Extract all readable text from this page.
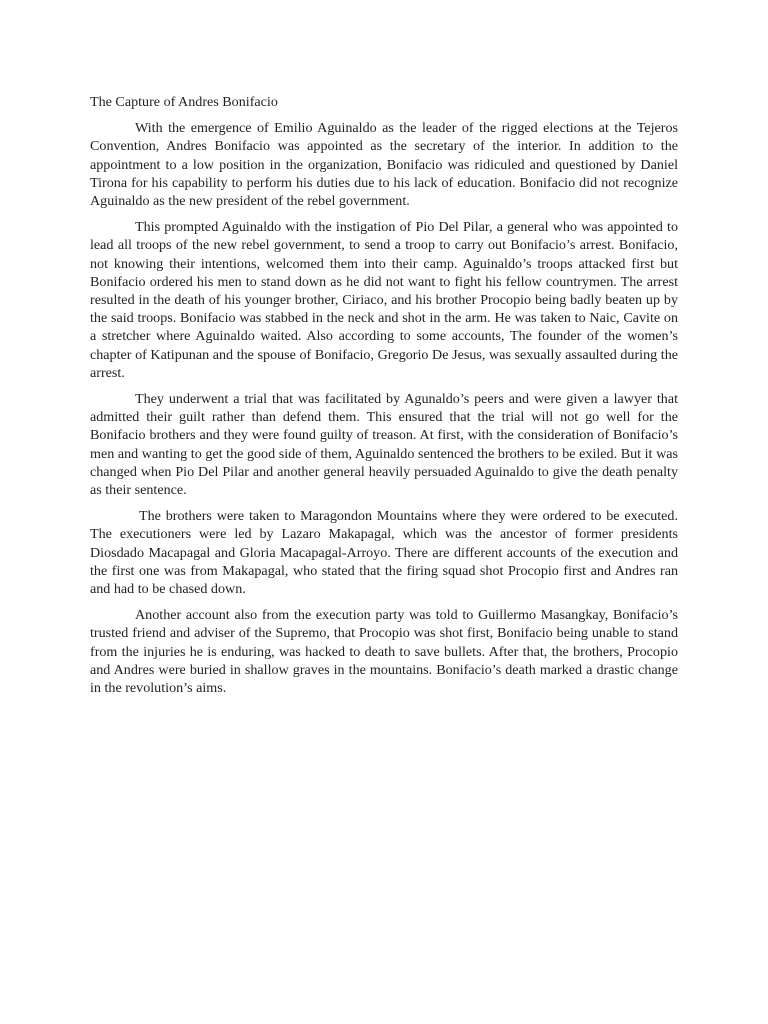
The Capture of Andres Bonifacio

With the emergence of Emilio Aguinaldo as the leader of the rigged elections at the Tejeros Convention, Andres Bonifacio was appointed as the secretary of the interior. In addition to the appointment to a low position in the organization, Bonifacio was ridiculed and questioned by Daniel Tirona for his capability to perform his duties due to his lack of education. Bonifacio did not recognize Aguinaldo as the new president of the rebel government.

This prompted Aguinaldo with the instigation of Pio Del Pilar, a general who was appointed to lead all troops of the new rebel government, to send a troop to carry out Bonifacio’s arrest. Bonifacio, not knowing their intentions, welcomed them into their camp. Aguinaldo’s troops attacked first but Bonifacio ordered his men to stand down as he did not want to fight his fellow countrymen. The arrest resulted in the death of his younger brother, Ciriaco, and his brother Procopio being badly beaten up by the said troops. Bonifacio was stabbed in the neck and shot in the arm. He was taken to Naic, Cavite on a stretcher where Aguinaldo waited. Also according to some accounts, The founder of the women’s chapter of Katipunan and the spouse of Bonifacio, Gregorio De Jesus, was sexually assaulted during the arrest.

They underwent a trial that was facilitated by Agunaldo’s peers and were given a lawyer that admitted their guilt rather than defend them. This ensured that the trial will not go well for the Bonifacio brothers and they were found guilty of treason. At first, with the consideration of Bonifacio’s men and wanting to get the good side of them, Aguinaldo sentenced the brothers to be exiled. But it was changed when Pio Del Pilar and another general heavily persuaded Aguinaldo to give the death penalty as their sentence.

The brothers were taken to Maragondon Mountains where they were ordered to be executed. The executioners were led by Lazaro Makapagal, which was the ancestor of former presidents Diosdado Macapagal and Gloria Macapagal-Arroyo. There are different accounts of the execution and the first one was from Makapagal, who stated that the firing squad shot Procopio first and Andres ran and had to be chased down.

Another account also from the execution party was told to Guillermo Masangkay, Bonifacio’s trusted friend and adviser of the Supremo, that Procopio was shot first, Bonifacio being unable to stand from the injuries he is enduring, was hacked to death to save bullets. After that, the brothers, Procopio and Andres were buried in shallow graves in the mountains. Bonifacio’s death marked a drastic change in the revolution’s aims.
